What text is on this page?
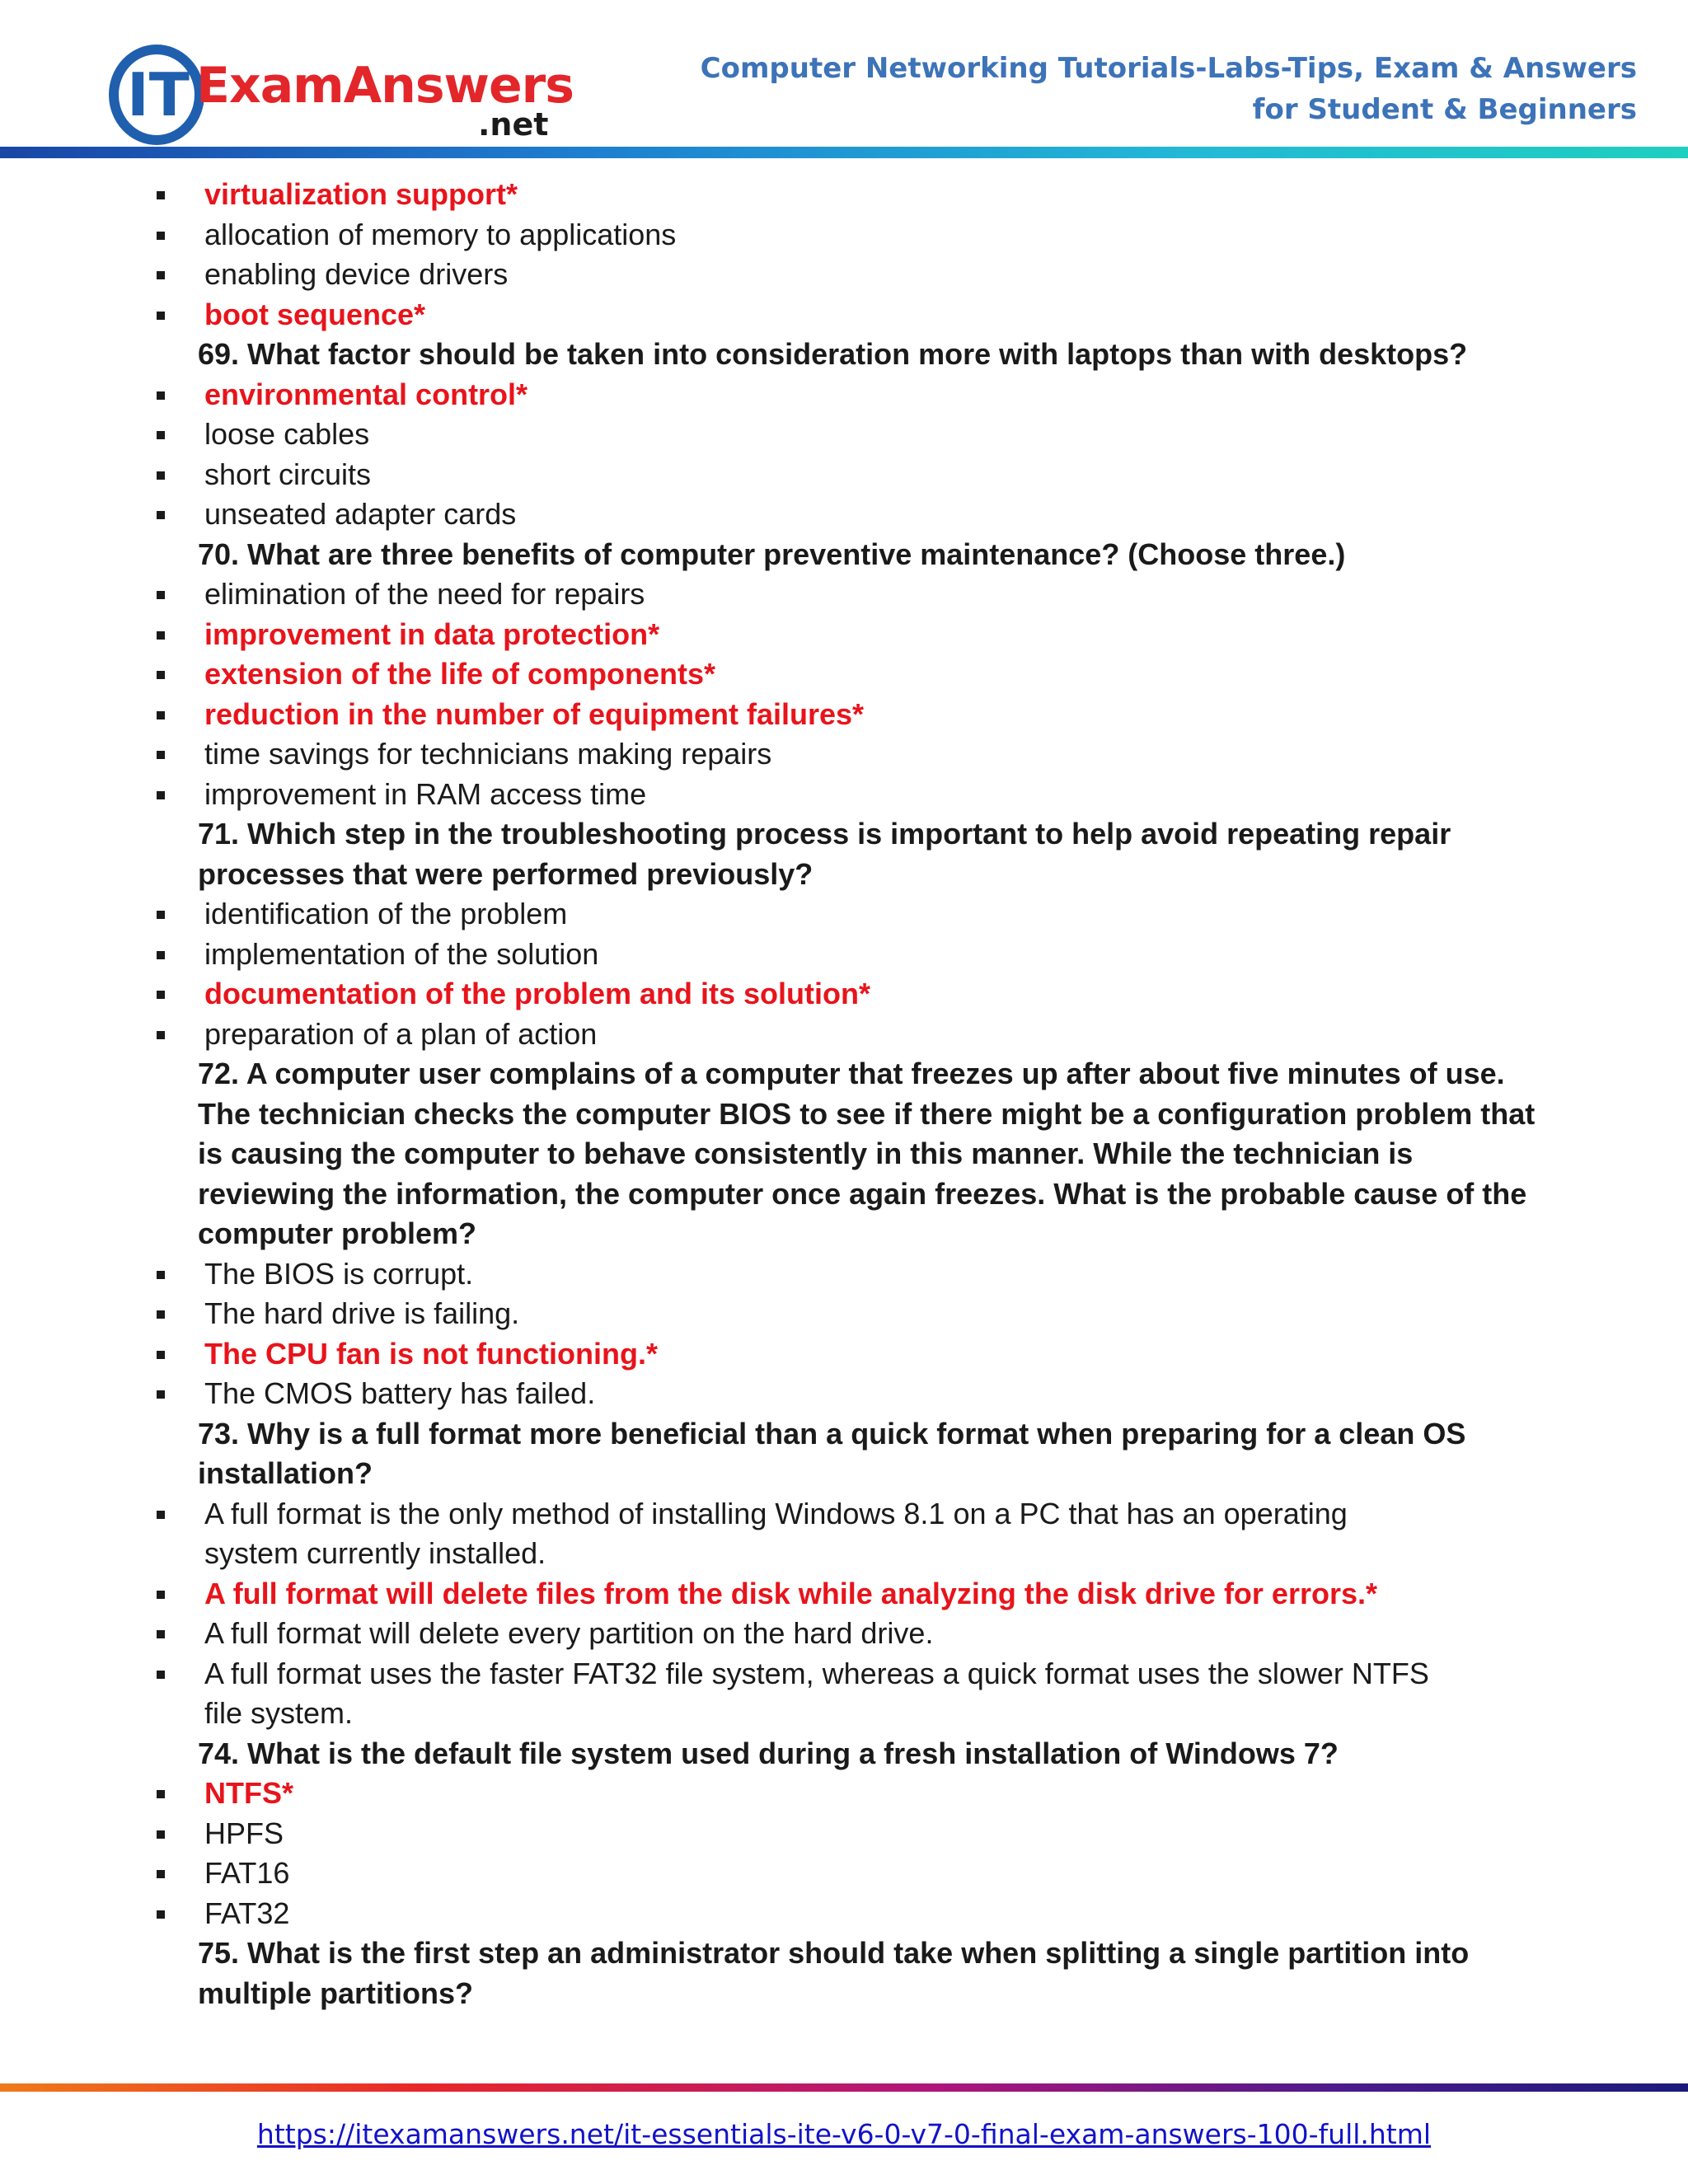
IT ExamAnswers
.net
Computer Networking Tutorials-Labs-Tips, Exam & Answers
for Student & Beginners
virtualization support*
allocation of memory to applications
enabling device drivers
boot sequence*
69. What factor should be taken into consideration more with laptops than with desktops?
environmental control*
loose cables
short circuits
unseated adapter cards
70. What are three benefits of computer preventive maintenance? (Choose three.)
elimination of the need for repairs
improvement in data protection*
extension of the life of components*
reduction in the number of equipment failures*
time savings for technicians making repairs
improvement in RAM access time
71. Which step in the troubleshooting process is important to help avoid repeating repair
processes that were performed previously?
identification of the problem
implementation of the solution
documentation of the problem and its solution*
preparation of a plan of action
72. A computer user complains of a computer that freezes up after about five minutes of use.
The technician checks the computer BIOS to see if there might be a configuration problem that
is causing the computer to behave consistently in this manner. While the technician is
reviewing the information, the computer once again freezes. What is the probable cause of the
computer problem?
The BIOS is corrupt.
The hard drive is failing.
The CPU fan is not functioning.*
The CMOS battery has failed.
73. Why is a full format more beneficial than a quick format when preparing for a clean OS
installation?
A full format is the only method of installing Windows 8.1 on a PC that has an operating
system currently installed.
A full format will delete files from the disk while analyzing the disk drive for errors.*
A full format will delete every partition on the hard drive.
A full format uses the faster FAT32 file system, whereas a quick format uses the slower NTFS
file system.
74. What is the default file system used during a fresh installation of Windows 7?
NTFS*
HPFS
FAT16
FAT32
75. What is the first step an administrator should take when splitting a single partition into
multiple partitions?
https://itexamanswers.net/it-essentials-ite-v6-0-v7-0-final-exam-answers-100-full.html
